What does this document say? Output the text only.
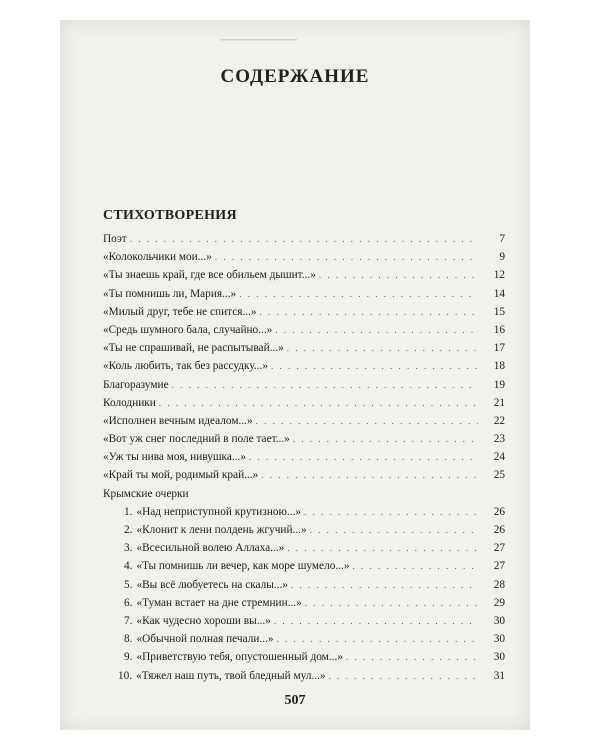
▁▁▁▁▁▁▁▁▁▁
СОДЕРЖАНИЕ
СТИХОТВОРЕНИЯ
Поэт . . .	7
«Колокольчики мои...» . . .	9
«Ты знаешь край, где все обильем дышит...» . . .	12
«Ты помнишь ли, Мария...» . . .	14
«Милый друг, тебе не спится...» . . .	15
«Средь шумного бала, случайно...» . . .	16
«Ты не спрашивай, не распытывай...» . . .	17
«Коль любить, так без рассудку...» . . .	18
Благоразумие . . .	19
Колодники . . .	21
«Исполнен вечным идеалом...» . . .	22
«Вот уж снег последний в поле тает...» . . .	23
«Уж ты нива моя, нивушка...» . . .	24
«Край ты мой, родимый край...» . . .	25
Крымские очерки
1. «Над неприступной крутизною...» . . .	26
2. «Клонит к лени полдень жгучий...» . . .	26
3. «Всесильной волею Аллаха...» . . .	27
4. «Ты помнишь ли вечер, как море шумело...» . . .	27
5. «Вы всё любуетесь на скалы...» . . .	28
6. «Туман встает на дне стремнин...» . . .	29
7. «Как чудесно хороши вы...» . . .	30
8. «Обычной полная печали...» . . .	30
9. «Приветствую тебя, опустошенный дом...» . . .	30
10. «Тяжел наш путь, твой бледный мул...» . . .	31
507
